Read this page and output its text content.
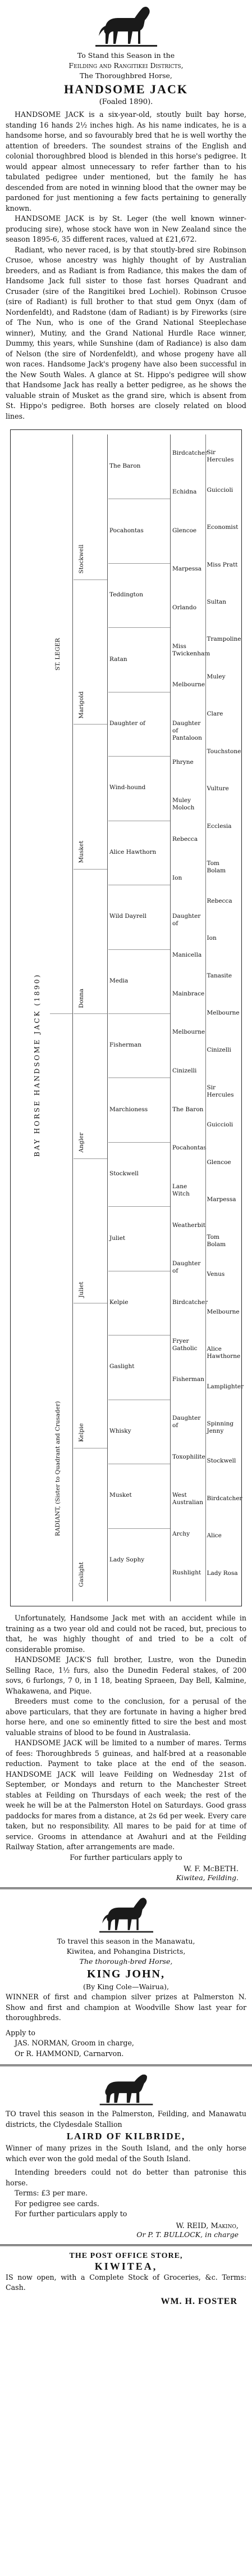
To Stand this Season in the

Feilding and Rangitikei Districts,

The Thoroughbred Horse,

HANDSOME JACK

(Foaled 1890).

HANDSOME JACK is a six-year-old, stoutly built bay horse, standing 16 hands 2½ inches high. As his name indicates, he is a handsome horse, and so favourably bred that he is well worthy the attention of breeders. The soundest strains of the English and colonial thoroughbred blood is blended in this horse's pedigree. It would appear almost unnecessary to refer farther than to his tabulated pedigree under mentioned, but the family he has descended from are noted in winning blood that the owner may be pardoned for just mentioning a few facts pertaining to generally known.

HANDSOME JACK is by St. Leger (the well known winner-producing sire), whose stock have won in New Zealand since the season 1895-6, 35 different races, valued at £21,672.

Radiant, who never raced, is by that stoutly-bred sire Robinson Crusoe, whose ancestry was highly thought of by Australian breeders, and as Radiant is from Radiance, this makes the dam of Handsome Jack full sister to those fast horses Quadrant and Crusader (sire of the Rangitikei bred Lochiel). Robinson Crusoe (sire of Radiant) is full brother to that stud gem Onyx (dam of Nordenfeldt), and Radstone (dam of Radiant) is by Fireworks (sire of The Nun, who is one of the Grand National Steeplechase winner), Mutiny, and the Grand National Hurdle Race winner, Dummy, this years, while Sunshine (dam of Radiance) is also dam of Nelson (the sire of Nordenfeldt), and whose progeny have all won races. Handsome Jack's progeny have also been successful in the New South Wales. A glance at St. Hippo's pedigree will show that Handsome Jack has really a better pedigree, as he shows the valuable strain of Musket as the grand sire, which is absent from St. Hippo's pedigree. Both horses are closely related on blood lines.

BAY HORSE HANDSOME JACK (1890)
ST. LEGER
RADIANT, (Sister to Quadrant and Crusader)
Stockwell
Marigold
Musket
Donna
Angler
Juliet
Kelpie
Gaslight
The Baron
Pocahontas
Teddington
Ratan
Daughter of
Wind-hound
Alice Hawthorn
Wild Dayrell
Media
Fisherman
Marchioness
Stockwell
Juliet
Kelpie
Gaslight
Whisky
Musket
Lady Sophy
Birdcatcher
Echidna
Glencoe
Marpessa
Orlando
Miss Twickenham
Melbourne
Daughter of Pantaloon
Phryne
Muley Moloch
Rebecca
Ion
Daughter of
Manicella
Mainbrace
Melbourne
Cinizelli
The Baron
Pocahontas
Lane Witch
Weatherbit
Daughter of
Birdcatcher
Fryer Gatholic
Fisherman
Daughter of
Toxophilite
West Australian
Archy
Rushlight
Sir Hercules
Guiccioli
Economist
Miss Pratt
Sultan
Trampoline
Muley
Clare
Touchstone
Vulture
Ecclesia
Tom Bolam
Rebecca
Ion
Tanasite
Melbourne
Cinizelli
Sir Hercules
Guiccioli
Glencoe
Marpessa
Tom Bolam
Venus
Melbourne
Alice Hawthorne
Lamplighter
Spinning Jenny
Stockwell
Birdcatcher
Alice
Lady Rosa

Unfortunately, Handsome Jack met with an accident while in training as a two year old and could not be raced, but, precious to that, he was highly thought of and tried to be a colt of considerable promise.

HANDSOME JACK'S full brother, Lustre, won the Dunedin Selling Race, 1½ furs, also the Dunedin Federal stakes, of 200 sovs, 6 furlongs, 7 0, in 1 18, beating Spraeen, Day Bell, Kalmine, Whakawena, and Pique.

Breeders must come to the conclusion, for a perusal of the above particulars, that they are fortunate in having a higher bred horse here, and one so eminently fitted to sire the best and most valuable strains of blood to be found in Australasia.

HANDSOME JACK will be limited to a number of mares. Terms of fees: Thoroughbreds 5 guineas, and half-bred at a reasonable reduction. Payment to take place at the end of the season. HANDSOME JACK will leave Feilding on Wednesday 21st of September, or Mondays and return to the Manchester Street stables at Feilding on Thursdays of each week; the rest of the week he will be at the Palmerston Hotel on Saturdays. Good grass paddocks for mares from a distance, at 2s 6d per week. Every care taken, but no responsibility. All mares to be paid for at time of service. Grooms in attendance at Awahuri and at the Feilding Railway Station, after arrangements are made.

For further particulars apply to

W. F. McBETH.

Kiwitea, Feilding.

To travel this season in the Manawatu,

Kiwitea, and Pohangina Districts,

The thorough-bred Horse,

KING JOHN,

(By King Cole—Wairua),

WINNER of first and champion silver prizes at Palmerston N. Show and first and champion at Woodville Show last year for thoroughbreds.

Apply to

JAS. NORMAN, Groom in charge,

Or R. HAMMOND, Carnarvon.

TO travel this season in the Palmerston, Feilding, and Manawatu districts, the Clydesdale Stallion

LAIRD OF KILBRIDE,

Winner of many prizes in the South Island, and the only horse which ever won the gold medal of the South Island.

Intending breeders could not do better than patronise this horse.

Terms: £3 per mare.

For pedigree see cards.

For further particulars apply to

W. REID, Makino,

Or P. T. BULLOCK, in charge

THE POST OFFICE STORE,

KIWITEA,

IS now open, with a Complete Stock of Groceries, &c. Terms: Cash.

WM. H. FOSTER
